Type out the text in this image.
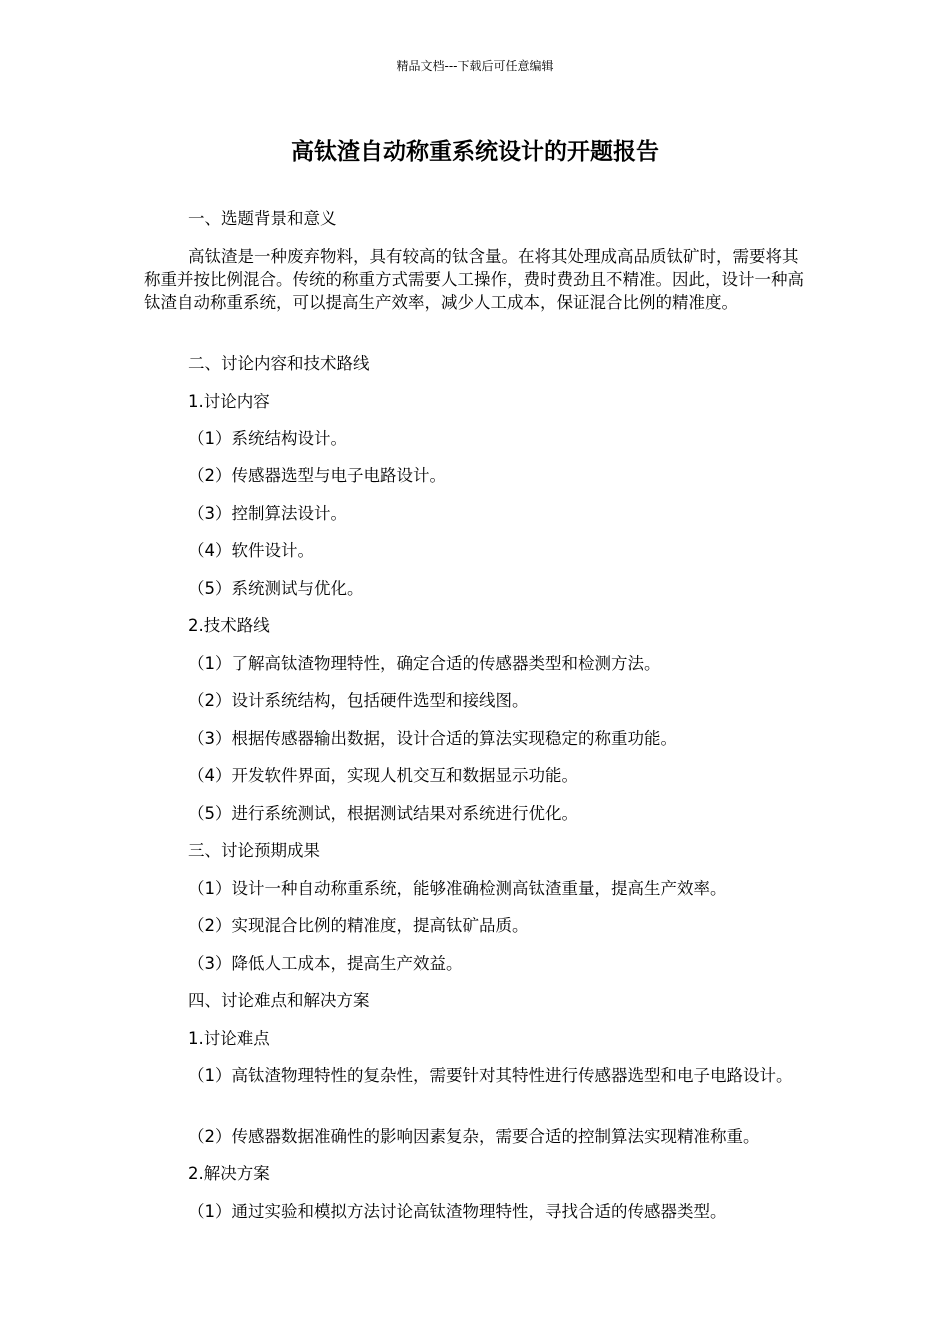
精品文档---下载后可任意编辑
高钛渣自动称重系统设计的开题报告
一、选题背景和意义
高钛渣是一种废弃物料，具有较高的钛含量。在将其处理成高品质钛矿时，需要将其称重并按比例混合。传统的称重方式需要人工操作，费时费劲且不精准。因此，设计一种高钛渣自动称重系统，可以提高生产效率，减少人工成本，保证混合比例的精准度。
二、讨论内容和技术路线
1.讨论内容
（1）系统结构设计。
（2）传感器选型与电子电路设计。
（3）控制算法设计。
（4）软件设计。
（5）系统测试与优化。
2.技术路线
（1）了解高钛渣物理特性，确定合适的传感器类型和检测方法。
（2）设计系统结构，包括硬件选型和接线图。
（3）根据传感器输出数据，设计合适的算法实现稳定的称重功能。
（4）开发软件界面，实现人机交互和数据显示功能。
（5）进行系统测试，根据测试结果对系统进行优化。
三、讨论预期成果
（1）设计一种自动称重系统，能够准确检测高钛渣重量，提高生产效率。
（2）实现混合比例的精准度，提高钛矿品质。
（3）降低人工成本，提高生产效益。
四、讨论难点和解决方案
1.讨论难点
（1）高钛渣物理特性的复杂性，需要针对其特性进行传感器选型和电子电路设计。
（2）传感器数据准确性的影响因素复杂，需要合适的控制算法实现精准称重。
2.解决方案
（1）通过实验和模拟方法讨论高钛渣物理特性，寻找合适的传感器类型。
